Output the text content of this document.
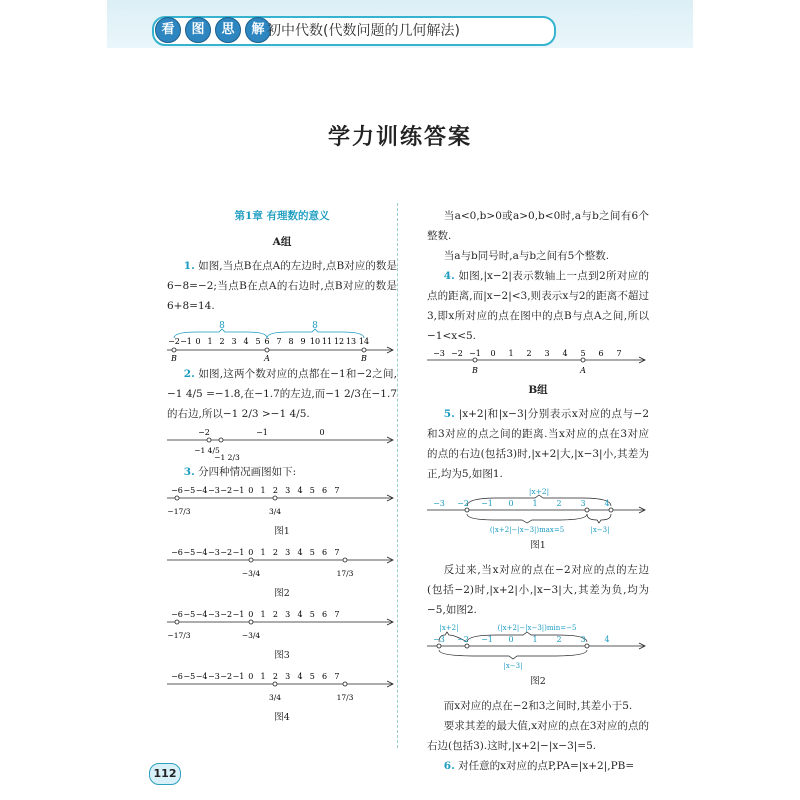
看	图	思	解 初中代数(代数问题的几何解法)
学力训练答案
第1章 有理数的意义
A组

1. 如图,当点B在点A的左边时,点B对应的数是6−8=−2;当点B在点A的右边时,点B对应的数是6+8=14.

8	8
−2 −1 0 1 2 3 4 5 6 7 8 9 10 11 12 13 14
B	A	B

2. 如图,这两个数对应的点都在−1和−2之间,−1 4/5 =−1.8,在−1.7的左边,而−1 2/3在−1.7的右边,所以−1 2/3 >−1 4/5.

−2	−1	0
−1 4/5
−1 2/3

3. 分四种情况画图如下:

−6 −5 −4 −3 −2 −1 0 1 2 3 4 5 6 7
−17/3	3/4
图1
−6 −5 −4 −3 −2 −1 0 1 2 3 4 5 6 7
−3/4	17/3
图2
−6 −5 −4 −3 −2 −1 0 1 2 3 4 5 6 7
−17/3	−3/4
图3
−6 −5 −4 −3 −2 −1 0 1 2 3 4 5 6 7
3/4	17/3
图4

当a<0,b>0或a>0,b<0时,a与b之间有6个整数.

当a与b同号时,a与b之间有5个整数.

4. 如图,|x−2|表示数轴上一点到2所对应的点的距离,而|x−2|<3,则表示x与2的距离不超过3,即x所对应的点在图中的点B与点A之间,所以−1<x<5.

−3 −2 −1 0 1 2 3 4 5 6 7
B	A
B组

5. |x+2|和|x−3|分别表示x对应的点与−2和3对应的点之间的距离.当x对应的点在3对应的点的右边(包括3)时,|x+2|大,|x−3|小,其差为正,均为5,如图1.

|x+2|
−3 −2 −1 0 1 2 3 4
(|x+2|−|x−3|)max=5	|x−3|
图1

反过来,当x对应的点在−2对应的点的左边(包括−2)时,|x+2|小,|x−3|大,其差为负,均为−5,如图2.

|x+2|	(|x+2|−|x−3|)min=−5
−3 −2 −1 0 1 2 3 4
|x−3|
图2

而x对应的点在−2和3之间时,其差小于5.

要求其差的最大值,x对应的点在3对应的点的右边(包括3).这时,|x+2|−|x−3|=5.

6. 对任意的x对应的点P,PA=|x+2|,PB=

112
